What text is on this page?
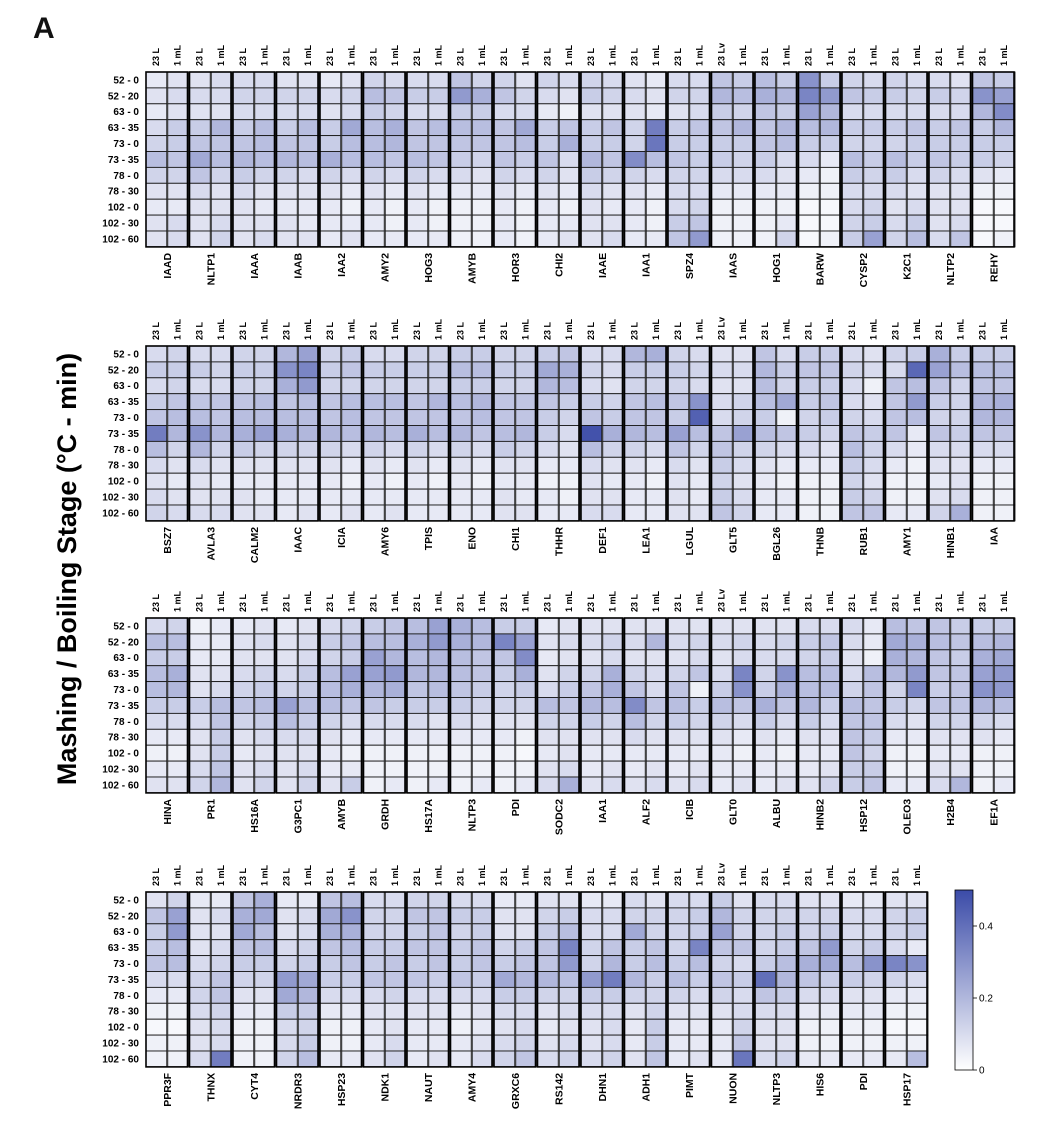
A
Mashing / Boiling Stage (°C - min)
52 - 0
52 - 20
63 - 0
63 - 35
73 - 0
73 - 35
78 - 0
78 - 30
102 - 0
102 - 30
102 - 60
23 L 1 mL
IAAD
23 L 1 mL
NLTP1
23 L 1 mL
IAAA
23 L 1 mL
IAAB
23 L 1 mL
IAA2
23 L 1 mL
AMY2
23 L 1 mL
HOG3
23 L 1 mL
AMYB
23 L 1 mL
HOR3
23 L 1 mL
CHI2
23 L 1 mL
IAAE
23 L 1 mL
IAA1
23 L 1 mL
SPZ4
23 Lv 1 mL
IAAS
23 L 1 mL
HOG1
23 L 1 mL
BARW
23 L 1 mL
CYSP2
23 L 1 mL
K2C1
23 L 1 mL
NLTP2
23 L 1 mL
REHY
52 - 0
52 - 20
63 - 0
63 - 35
73 - 0
73 - 35
78 - 0
78 - 30
102 - 0
102 - 30
102 - 60
23 L 1 mL
BSZ7
23 L 1 mL
AVLA3
23 L 1 mL
CALM2
23 L 1 mL
IAAC
23 L 1 mL
ICIA
23 L 1 mL
AMY6
23 L 1 mL
TPIS
23 L 1 mL
ENO
23 L 1 mL
CHI1
23 L 1 mL
THHR
23 L 1 mL
DEF1
23 L 1 mL
LEA1
23 L 1 mL
LGUL
23 Lv 1 mL
GLT5
23 L 1 mL
BGL26
23 L 1 mL
THNB
23 L 1 mL
RUB1
23 L 1 mL
AMY1
23 L 1 mL
HINB1
23 L 1 mL
IAA
52 - 0
52 - 20
63 - 0
63 - 35
73 - 0
73 - 35
78 - 0
78 - 30
102 - 0
102 - 30
102 - 60
23 L 1 mL
HINA
23 L 1 mL
PR1
23 L 1 mL
HS16A
23 L 1 mL
G3PC1
23 L 1 mL
AMYB
23 L 1 mL
GRDH
23 L 1 mL
HS17A
23 L 1 mL
NLTP3
23 L 1 mL
PDI
23 L 1 mL
SODC2
23 L 1 mL
IAA1
23 L 1 mL
ALF2
23 L 1 mL
ICIB
23 Lv 1 mL
GLT0
23 L 1 mL
ALBU
23 L 1 mL
HINB2
23 L 1 mL
HSP12
23 L 1 mL
OLEO3
23 L 1 mL
H2B4
23 L 1 mL
EF1A
52 - 0
52 - 20
63 - 0
63 - 35
73 - 0
73 - 35
78 - 0
78 - 30
102 - 0
102 - 30
102 - 60
23 L 1 mL
PPR3F
23 L 1 mL
THNX
23 L 1 mL
CYT4
23 L 1 mL
NRDR3
23 L 1 mL
HSP23
23 L 1 mL
NDK1
23 L 1 mL
NAUT
23 L 1 mL
AMY4
23 L 1 mL
GRXC6
23 L 1 mL
RS142
23 L 1 mL
DHN1
23 L 1 mL
ADH1
23 L 1 mL
PIMT
23 Lv 1 mL
NUON
23 L 1 mL
NLTP3
23 L 1 mL
HIS6
23 L 1 mL
PDI
23 L 1 mL
HSP17
0
0.2
0.4
